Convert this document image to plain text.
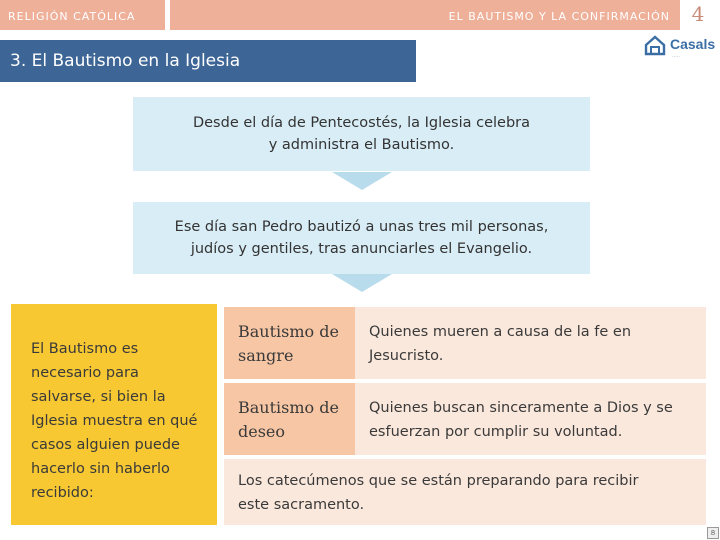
RELIGIÓN CATÓLICA	EL BAUTISMO Y LA CONFIRMACIÓN	4
Casals
·····
3. El Bautismo en la Iglesia
Desde el día de Pentecostés, la Iglesia celebra
y administra el Bautismo.
Ese día san Pedro bautizó a unas tres mil personas,
judíos y gentiles, tras anunciarles el Evangelio.
El Bautismo es necesario para salvarse, si bien la Iglesia muestra en qué casos alguien puede hacerlo sin haberlo recibido:
Bautismo de sangre
Quienes mueren a causa de la fe en Jesucristo.
Bautismo de deseo
Quienes buscan sinceramente a Dios y se esfuerzan por cumplir su voluntad.
Los catecúmenos que se están preparando para recibir este sacramento.
8
